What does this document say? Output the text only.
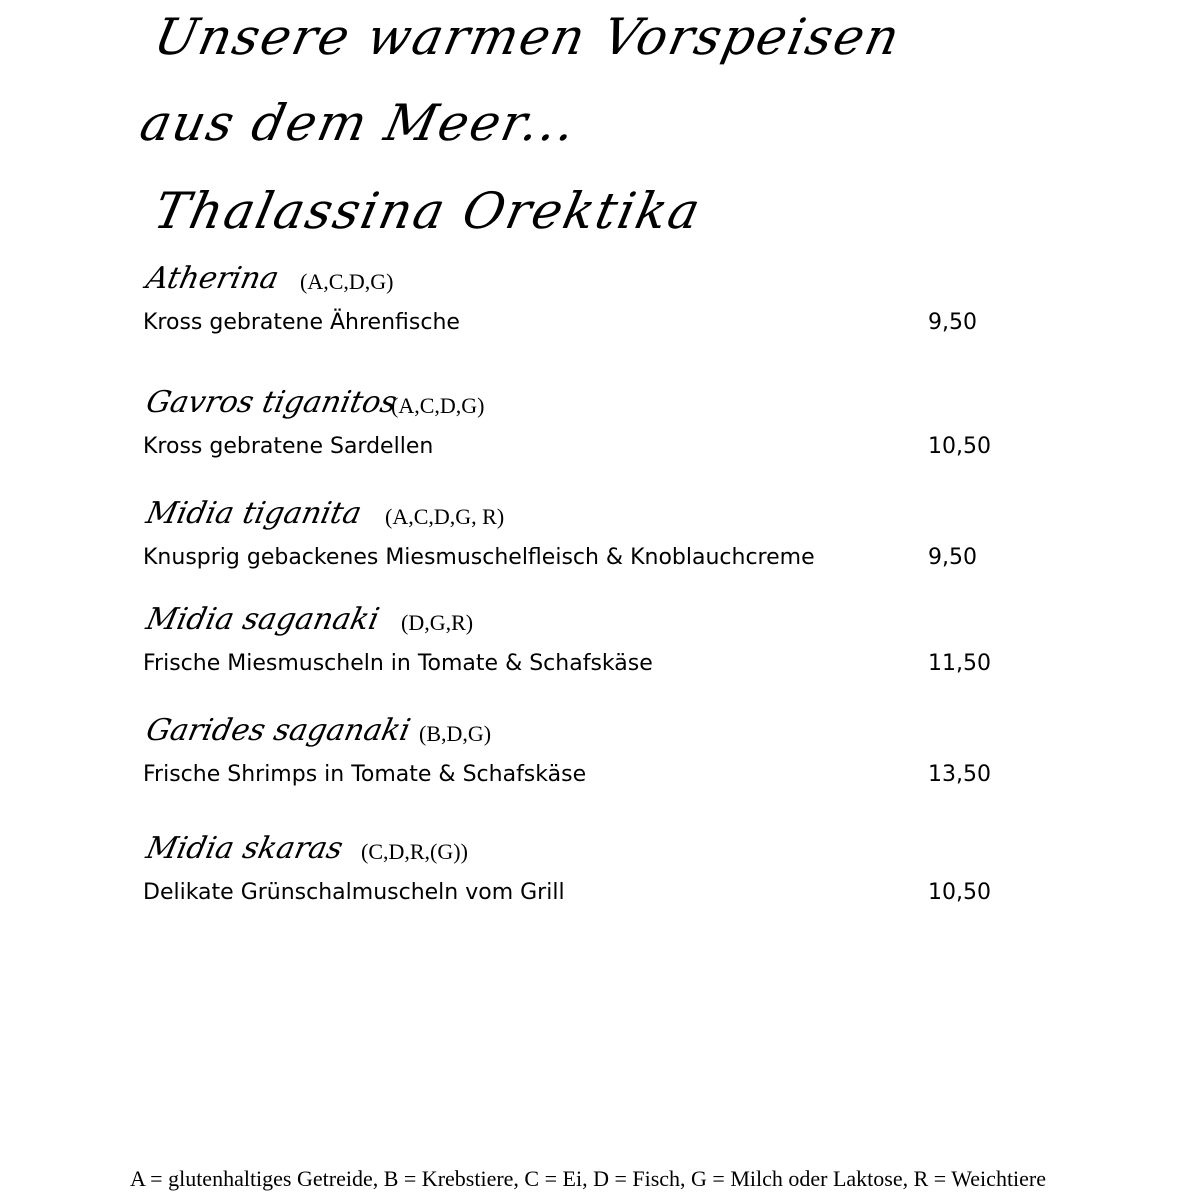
Unsere warmen Vorspeisen
aus dem Meer...
Thalassina Orektika
Atherina (A,C,D,G)
Kross gebratene Ährenfische	9,50
Gavros tiganitos
(A,C,D,G)
Kross gebratene Sardellen	10,50
Midia tiganita (A,C,D,G, R)
Knusprig gebackenes Miesmuschelfleisch & Knoblauchcreme	9,50
Midia saganaki (D,G,R)
Frische Miesmuscheln in Tomate & Schafskäse	11,50
Garides saganaki (B,D,G)
Frische Shrimps in Tomate & Schafskäse	13,50
Midia skaras (C,D,R,(G))
Delikate Grünschalmuscheln vom Grill	10,50
A = glutenhaltiges Getreide, B = Krebstiere, C = Ei, D = Fisch, G = Milch oder Laktose, R = Weichtiere
